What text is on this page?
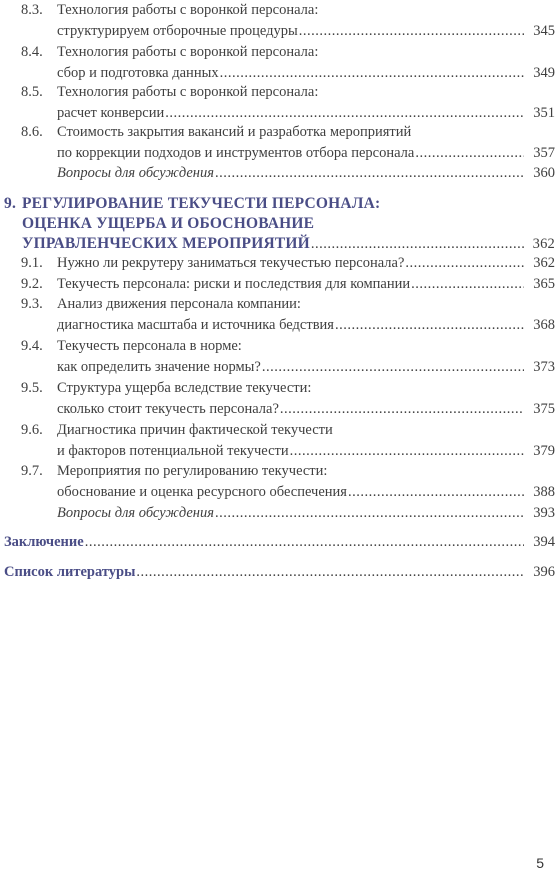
8.3. Технология работы с воронкой персонала:
структурируем отборочные процедуры .....	345
8.4. Технология работы с воронкой персонала:
сбор и подготовка данных .....	349
8.5. Технология работы с воронкой персонала:
расчет конверсии .....	351
8.6. Стоимость закрытия вакансий и разработка мероприятий
по коррекции подходов и инструментов отбора персонала .....	357
Вопросы для обсуждения .....	360
9. РЕГУЛИРОВАНИЕ ТЕКУЧЕСТИ ПЕРСОНАЛА:
ОЦЕНКА УЩЕРБА И ОБОСНОВАНИЕ
УПРАВЛЕНЧЕСКИХ МЕРОПРИЯТИЙ .....	362
9.1. Нужно ли рекрутеру заниматься текучестью персонала? .....	362
9.2. Текучесть персонала: риски и последствия для компании .....	365
9.3. Анализ движения персонала компании:
диагностика масштаба и источника бедствия .....	368
9.4. Текучесть персонала в норме:
как определить значение нормы? .....	373
9.5. Структура ущерба вследствие текучести:
сколько стоит текучесть персонала? .....	375
9.6. Диагностика причин фактической текучести
и факторов потенциальной текучести .....	379
9.7. Мероприятия по регулированию текучести:
обоснование и оценка ресурсного обеспечения .....	388
Вопросы для обсуждения .....	393
Заключение .....	394
Список литературы .....	396
5
